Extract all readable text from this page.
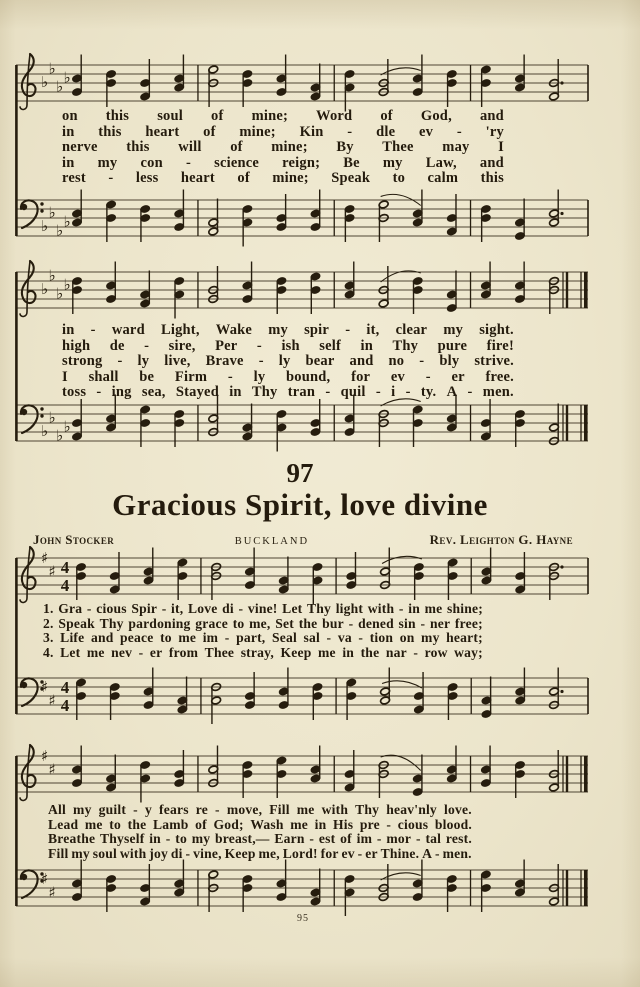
♭
♭
♭ ♭
♭
♭
♭ ♭
on this soul of mine; Word of God, and
in this heart of mine; Kin - dle ev - 'ry
nerve this will of mine; By Thee may I
in my con - science reign; Be my Law, and
rest - less heart of mine; Speak to calm this
♭
♭
♭ ♭
♭
♭
♭ ♭
in - ward Light, Wake my spir - it, clear my sight.
high de - sire, Per - ish self in Thy pure fire!
strong - ly live, Brave - ly bear and no - bly strive.
I shall be Firm - ly bound, for ev - er free.
toss - ing sea, Stayed in Thy tran - quil - i - ty. A - men.
97
Gracious Spirit, love divine
John Stocker	BUCKLAND	Rev. Leighton G. Hayne
♯
♯ 4
4
♯
♯
4
4
1. Gra - cious Spir - it, Love di - vine! Let Thy light with - in me shine;
2. Speak Thy pardoning grace to me, Set the bur - dened sin - ner free;
3. Life and peace to me im - part, Seal sal - va - tion on my heart;
4. Let me nev - er from Thee stray, Keep me in the nar - row way;
♯
♯
♯
♯
All my guilt - y fears re - move, Fill me with Thy heav'nly love.
Lead me to the Lamb of God; Wash me in His pre - cious blood.
Breathe Thyself in - to my breast,— Earn - est of im - mor - tal rest.
Fill my soul with joy di - vine, Keep me, Lord! for ev - er Thine. A - men.
95
